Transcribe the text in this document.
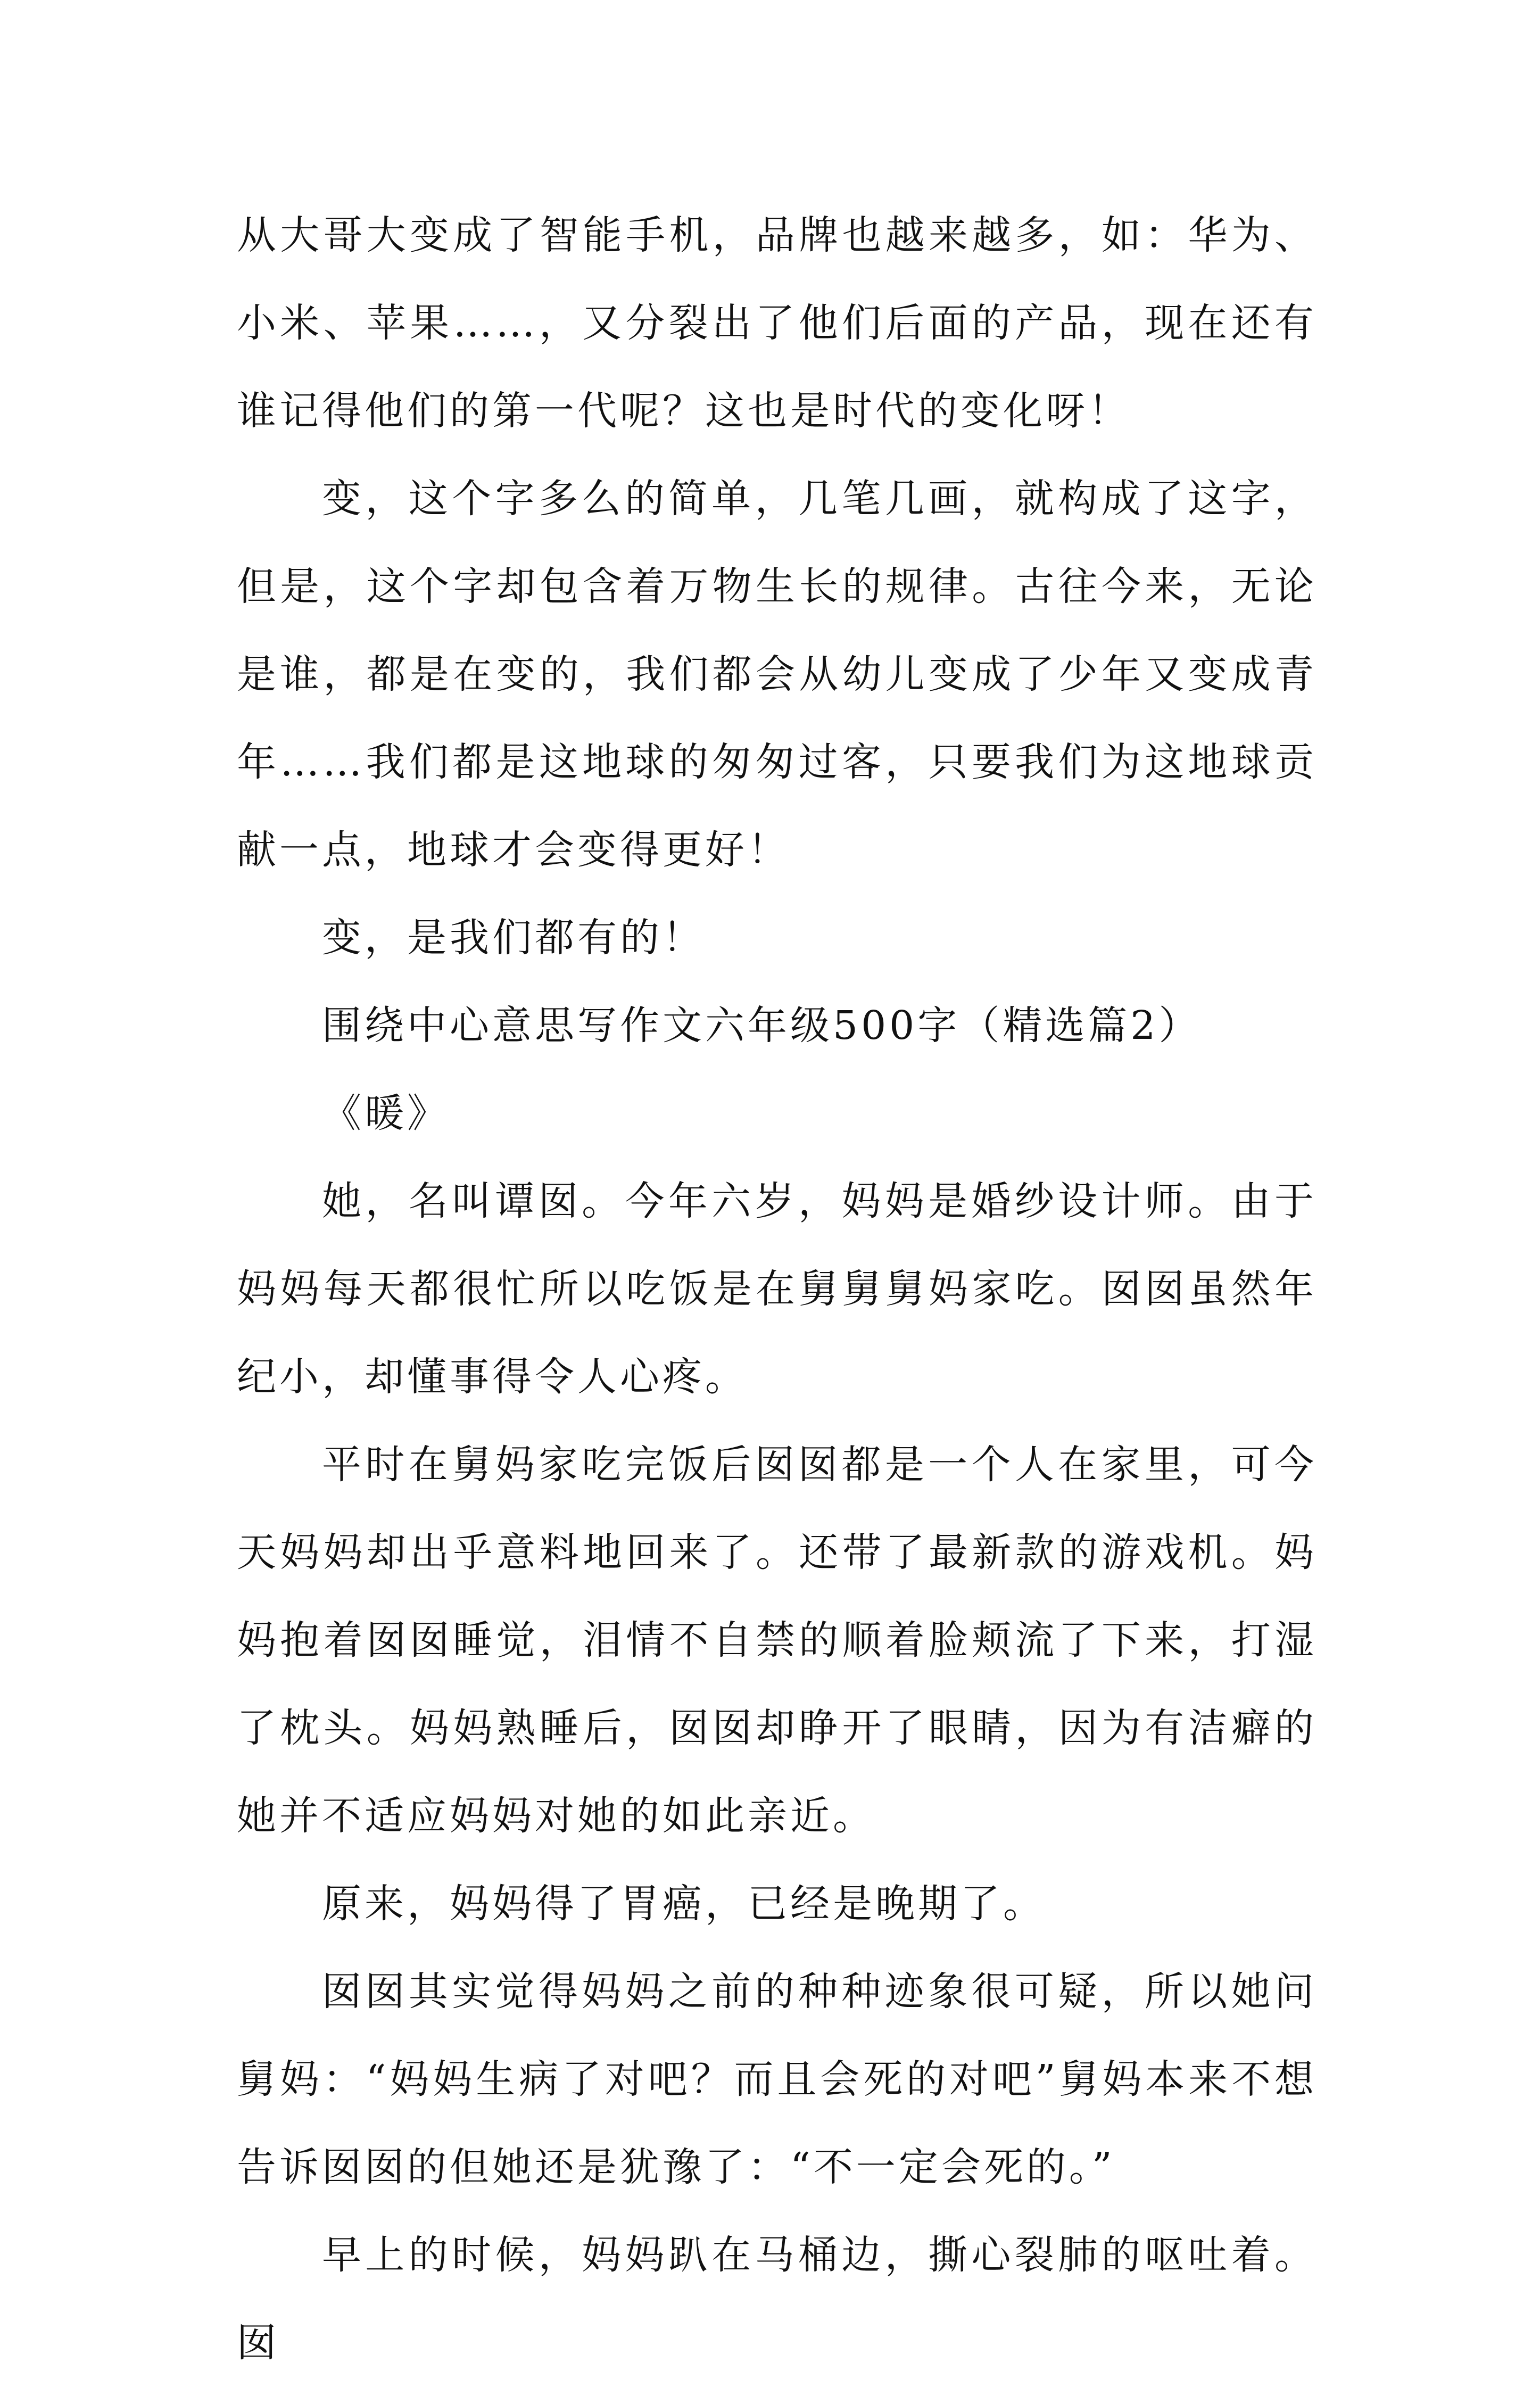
从大哥大变成了智能手机，品牌也越来越多，如：华为、小米、苹果……，又分裂出了他们后面的产品，现在还有谁记得他们的第一代呢？这也是时代的变化呀！

变，这个字多么的简单，几笔几画，就构成了这字，但是，这个字却包含着万物生长的规律。古往今来，无论是谁，都是在变的，我们都会从幼儿变成了少年又变成青年……我们都是这地球的匆匆过客，只要我们为这地球贡献一点，地球才会变得更好！

变，是我们都有的！

围绕中心意思写作文六年级500字（精选篇2）

《暖》

她，名叫谭囡。今年六岁，妈妈是婚纱设计师。由于妈妈每天都很忙所以吃饭是在舅舅舅妈家吃。囡囡虽然年纪小，却懂事得令人心疼。

平时在舅妈家吃完饭后囡囡都是一个人在家里，可今天妈妈却出乎意料地回来了。还带了最新款的游戏机。妈妈抱着囡囡睡觉，泪情不自禁的顺着脸颊流了下来，打湿了枕头。妈妈熟睡后，囡囡却睁开了眼睛，因为有洁癖的她并不适应妈妈对她的如此亲近。

原来，妈妈得了胃癌，已经是晚期了。

囡囡其实觉得妈妈之前的种种迹象很可疑，所以她问舅妈：“妈妈生病了对吧？而且会死的对吧”舅妈本来不想告诉囡囡的但她还是犹豫了：“不一定会死的。”

早上的时候，妈妈趴在马桶边，撕心裂肺的呕吐着。囡
